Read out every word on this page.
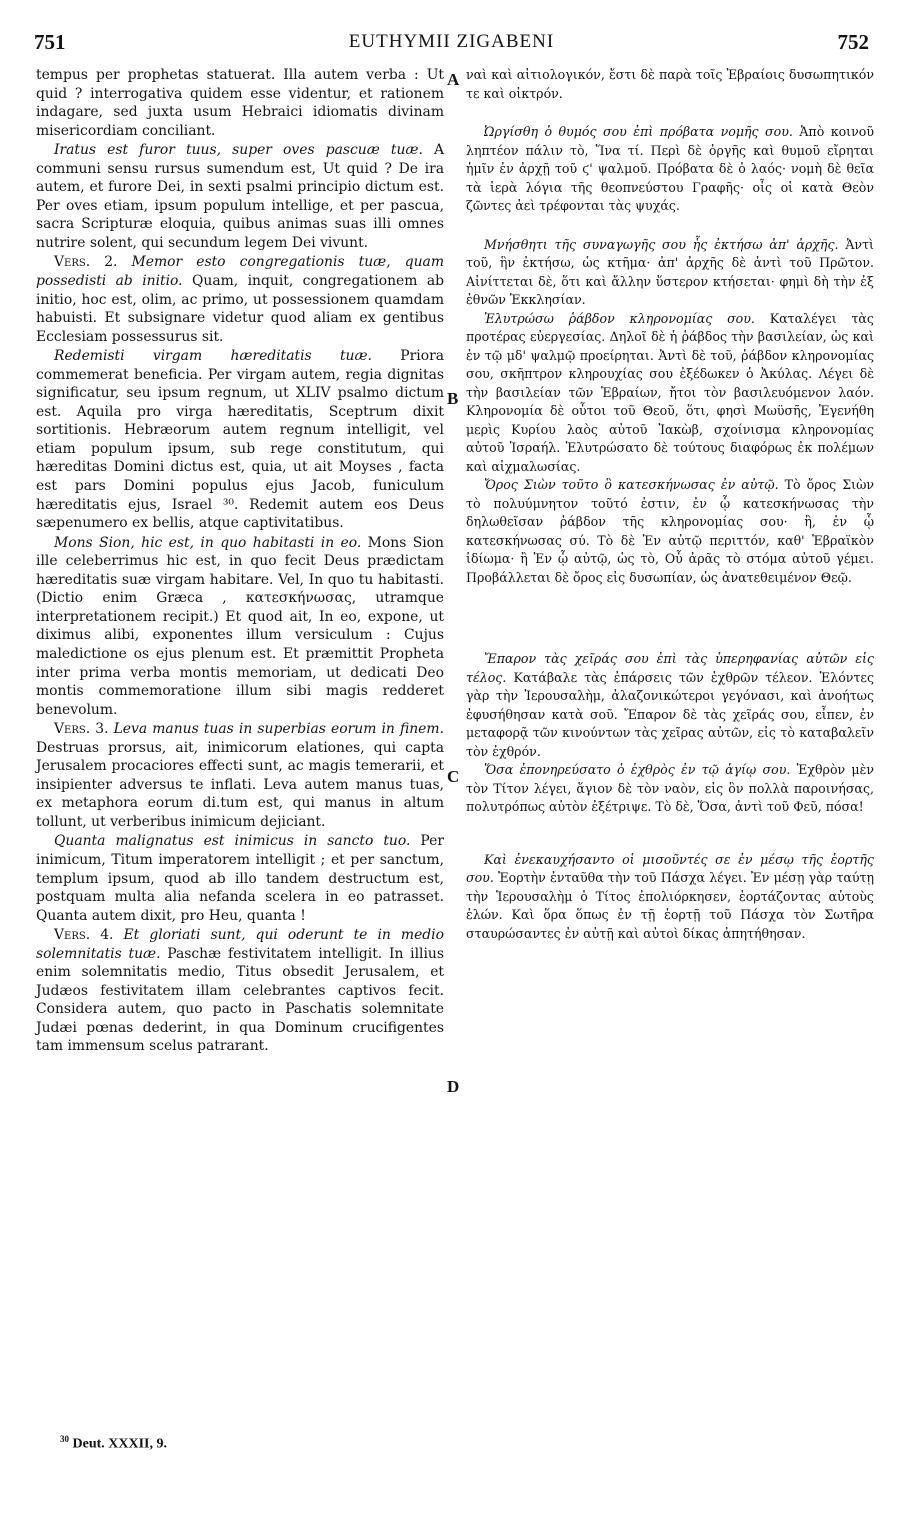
751	EUTHYMII ZIGABENI	752
A
B
C
D

tempus per prophetas statuerat. Illa autem verba : Ut quid ? interrogativa quidem esse videntur, et rationem indagare, sed juxta usum Hebraici idiomatis divinam misericordiam conciliant.

Iratus est furor tuus, super oves pascuæ tuæ. A communi sensu rursus sumendum est, Ut quid ? De ira autem, et furore Dei, in sexti psalmi principio dictum est. Per oves etiam, ipsum populum intellige, et per pascua, sacra Scripturæ eloquia, quibus animas suas illi omnes nutrire solent, qui secundum legem Dei vivunt.

Vers. 2. Memor esto congregationis tuæ, quam possedisti ab initio. Quam, inquit, congregationem ab initio, hoc est, olim, ac primo, ut possessionem quamdam habuisti. Et subsignare videtur quod aliam ex gentibus Ecclesiam possessurus sit.

Redemisti virgam hæreditatis tuæ. Priora commemerat beneficia. Per virgam autem, regia dignitas significatur, seu ipsum regnum, ut XLIV psalmo dictum est. Aquila pro virga hæreditatis, Sceptrum dixit sortitionis. Hebræorum autem regnum intelligit, vel etiam populum ipsum, sub rege constitutum, qui hæreditas Domini dictus est, quia, ut ait Moyses , facta est pars Domini populus ejus Jacob, funiculum hæreditatis ejus, Israel ³⁰. Redemit autem eos Deus sæpenumero ex bellis, atque captivitatibus.

Mons Sion, hic est, in quo habitasti in eo. Mons Sion ille celeberrimus hic est, in quo fecit Deus prædictam hæreditatis suæ virgam habitare. Vel, In quo tu habitasti. (Dictio enim Græca , κατεσκήνωσας, utramque interpretationem recipit.) Et quod ait, In eo, expone, ut diximus alibi, exponentes illum versiculum : Cujus maledictione os ejus plenum est. Et præmittit Propheta inter prima verba montis memoriam, ut dedicati Deo montis commemoratione illum sibi magis redderet benevolum.

Vers. 3. Leva manus tuas in superbias eorum in finem. Destruas prorsus, ait, inimicorum elationes, qui capta Jerusalem procaciores effecti sunt, ac magis temerarii, et insipienter adversus te inflati. Leva autem manus tuas, ex metaphora eorum di.tum est, qui manus in altum tollunt, ut verberibus inimicum dejiciant.

Quanta malignatus est inimicus in sancto tuo. Per inimicum, Titum imperatorem intelligit ; et per sanctum, templum ipsum, quod ab illo tandem destructum est, postquam multa alia nefanda scelera in eo patrasset. Quanta autem dixit, pro Heu, quanta !

Vers. 4. Et gloriati sunt, qui oderunt te in medio solemnitatis tuæ. Paschæ festivitatem intelligit. In illius enim solemnitatis medio, Titus obsedit Jerusalem, et Judæos festivitatem illam celebrantes captivos fecit. Considera autem, quo pacto in Paschatis solemnitate Judæi pœnas dederint, in qua Dominum crucifigentes tam immensum scelus patrarant.

ναὶ καὶ αἰτιολογικόν, ἔστι δὲ παρὰ τοῖς Ἑβραίοις δυσωπητικόν τε καὶ οἰκτρόν.

Ὠργίσθη ὁ θυμός σου ἐπὶ πρόβατα νομῆς σου. Ἀπὸ κοινοῦ ληπτέον πάλιν τὸ, Ἵνα τί. Περὶ δὲ ὀργῆς καὶ θυμοῦ εἴρηται ἡμῖν ἐν ἀρχῇ τοῦ ϛ' ψαλμοῦ. Πρόβατα δὲ ὁ λαός· νομὴ δὲ θεῖα τὰ ἱερὰ λόγια τῆς θεοπνεύστου Γραφῆς· οἷς οἱ κατὰ Θεὸν ζῶντες ἀεὶ τρέφονται τὰς ψυχάς.

Μνήσθητι τῆς συναγωγῆς σου ἧς ἐκτήσω ἀπ' ἀρχῆς. Ἀντὶ τοῦ, ἣν ἐκτήσω, ὡς κτῆμα· ἀπ' ἀρχῆς δὲ ἀντὶ τοῦ Πρῶτον. Αἰνίττεται δὲ, ὅτι καὶ ἄλλην ὕστερον κτήσεται· φημὶ δὴ τὴν ἐξ ἐθνῶν Ἐκκλησίαν.

Ἐλυτρώσω ῥάβδον κληρονομίας σου. Καταλέγει τὰς προτέρας εὐεργεσίας. Δηλοῖ δὲ ἡ ῥάβδος τὴν βασιλείαν, ὡς καὶ ἐν τῷ μδ' ψαλμῷ προείρηται. Ἀντὶ δὲ τοῦ, ῥάβδον κληρονομίας σου, σκῆπτρον κληρουχίας σου ἐξέδωκεν ὁ Ἀκύλας. Λέγει δὲ τὴν βασιλείαν τῶν Ἑβραίων, ἤτοι τὸν βασιλευόμενον λαόν. Κληρονομία δὲ οὗτοι τοῦ Θεοῦ, ὅτι, φησὶ Μωϋσῆς, Ἐγενήθη μερὶς Κυρίου λαὸς αὐτοῦ Ἰακὼβ, σχοίνισμα κληρονομίας αὐτοῦ Ἰσραήλ. Ἐλυτρώσατο δὲ τούτους διαφόρως ἐκ πολέμων καὶ αἰχμαλωσίας.

Ὄρος Σιὼν τοῦτο ὃ κατεσκήνωσας ἐν αὐτῷ. Τὸ ὄρος Σιὼν τὸ πολυύμνητον τοῦτό ἐστιν, ἐν ᾧ κατεσκήνωσας τὴν δηλωθεῖσαν ῥάβδον τῆς κληρονομίας σου· ἢ, ἐν ᾧ κατεσκήνωσας σύ. Τὸ δὲ Ἐν αὐτῷ περιττόν, καθ' Ἑβραϊκὸν ἰδίωμα· ἢ Ἐν ᾧ αὐτῷ, ὡς τὸ, Οὗ ἀρᾶς τὸ στόμα αὐτοῦ γέμει. Προβάλλεται δὲ ὄρος εἰς δυσωπίαν, ὡς ἀνατεθειμένον Θεῷ.

Ἔπαρον τὰς χεῖράς σου ἐπὶ τὰς ὑπερηφανίας αὐτῶν εἰς τέλος. Κατάβαλε τὰς ἐπάρσεις τῶν ἐχθρῶν τέλεον. Ἑλόντες γὰρ τὴν Ἱερουσαλὴμ, ἀλαζονικώτεροι γεγόνασι, καὶ ἀνοήτως ἐφυσήθησαν κατὰ σοῦ. Ἔπαρον δὲ τὰς χεῖράς σου, εἶπεν, ἐν μεταφορᾷ τῶν κινούντων τὰς χεῖρας αὐτῶν, εἰς τὸ καταβαλεῖν τὸν ἐχθρόν.

Ὅσα ἐπονηρεύσατο ὁ ἐχθρὸς ἐν τῷ ἁγίῳ σου. Ἐχθρὸν μὲν τὸν Τίτον λέγει, ἅγιον δὲ τὸν ναὸν, εἰς ὃν πολλὰ παροινήσας, πολυτρόπως αὐτὸν ἐξέτριψε. Τὸ δὲ, Ὅσα, ἀντὶ τοῦ Φεῦ, πόσα!

Καὶ ἐνεκαυχήσαντο οἱ μισοῦντές σε ἐν μέσῳ τῆς ἑορτῆς σου. Ἑορτὴν ἐνταῦθα τὴν τοῦ Πάσχα λέγει. Ἐν μέσῃ γὰρ ταύτῃ τὴν Ἱερουσαλὴμ ὁ Τίτος ἐπολιόρκησεν, ἑορτάζοντας αὐτοὺς ἑλών. Καὶ ὅρα ὅπως ἐν τῇ ἑορτῇ τοῦ Πάσχα τὸν Σωτῆρα σταυρώσαντες ἐν αὐτῇ καὶ αὐτοὶ δίκας ἀπητήθησαν.

$^{30}$ Deut. XXXII, 9.
